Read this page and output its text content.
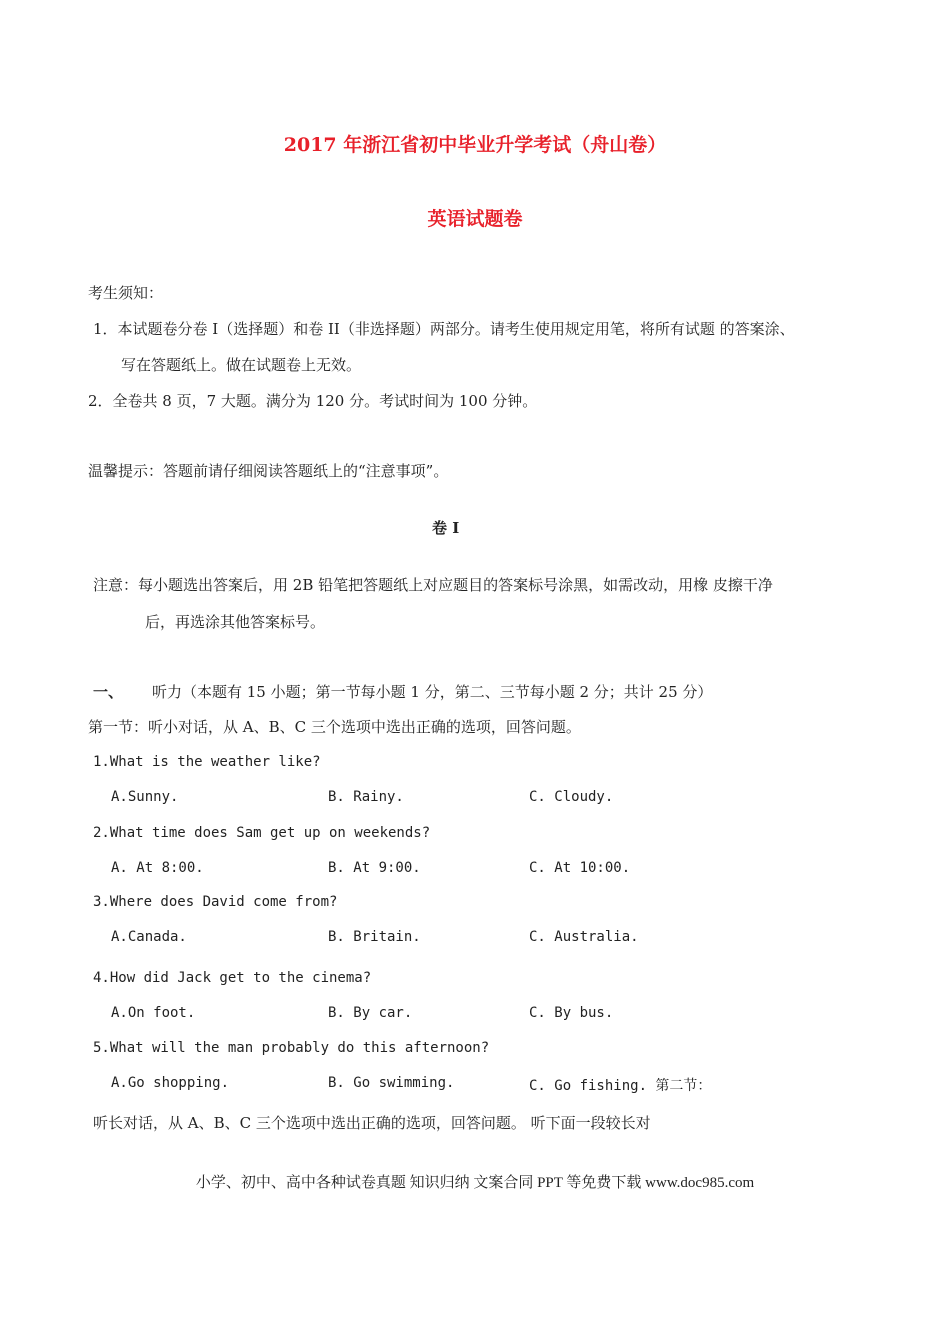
2017 年浙江省初中毕业升学考试（舟山卷）
英语试题卷
考生须知：
1．本试题卷分卷 I（选择题）和卷 II（非选择题）两部分。请考生使用规定用笔，将所有试题 的答案涂、
写在答题纸上。做在试题卷上无效。
2．全卷共 8 页，7 大题。满分为 120 分。考试时间为 100 分钟。
温馨提示：答题前请仔细阅读答题纸上的“注意事项”。
卷 I
注意：每小题选出答案后，用 2B 铅笔把答题纸上对应题目的答案标号涂黑，如需改动，用橡 皮擦干净
后，再选涂其他答案标号。
一、 听力（本题有 15 小题；第一节每小题 1 分，第二、三节每小题 2 分；共计 25 分）
第一节：听小对话，从 A、B、C 三个选项中选出正确的选项，回答问题。
1.What is the weather like?
A.Sunny.	B. Rainy.	C. Cloudy.
2.What time does Sam get up on weekends?
A. At 8:00.	B. At 9:00.	C. At 10:00.
3.Where does David come from?
A.Canada.	B. Britain.	C. Australia.
4.How did Jack get to the cinema?
A.On foot.	B. By car.	C. By bus.
5.What will the man probably do this afternoon?
A.Go shopping.	B. Go swimming.	C. Go fishing. 第二节：
听长对话，从 A、B、C 三个选项中选出正确的选项，回答问题。 听下面一段较长对
小学、初中、高中各种试卷真题 知识归纳 文案合同 PPT 等免费下载 www.doc985.com
